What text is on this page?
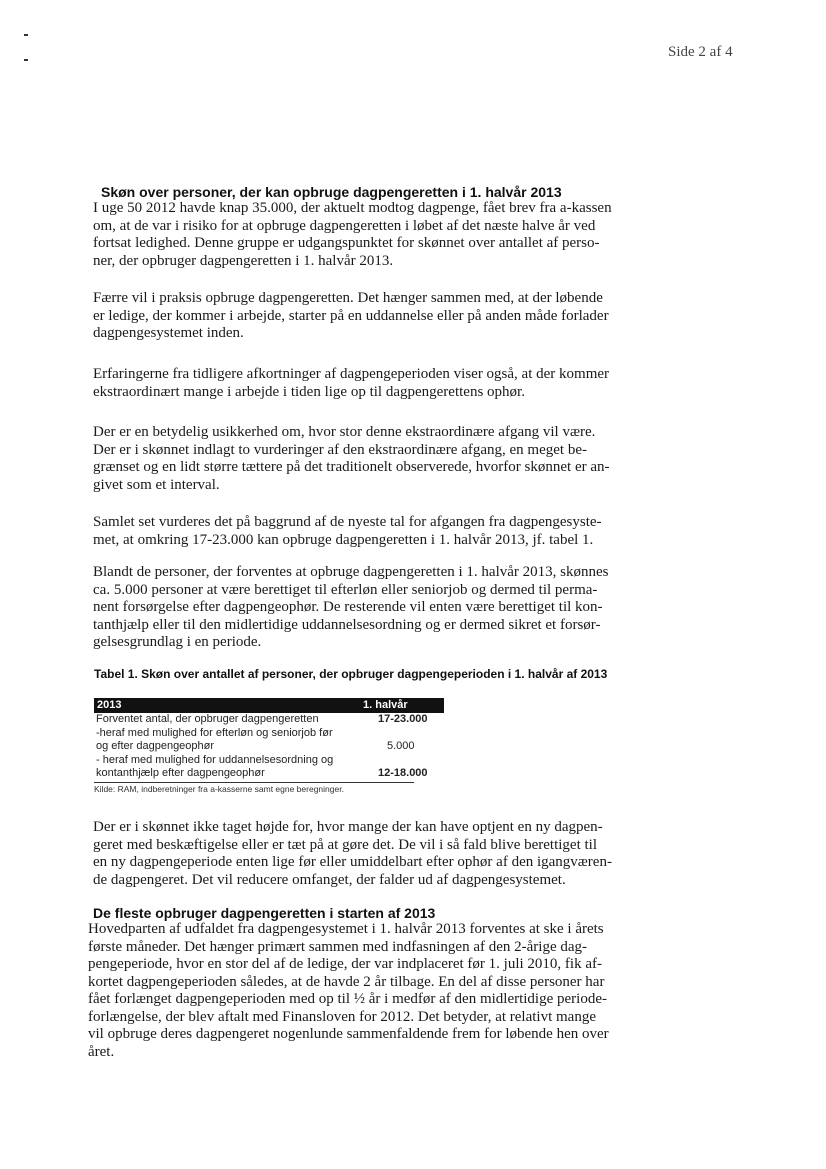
Side 2 af 4
Skøn over personer, der kan opbruge dagpengeretten i 1. halvår 2013
I uge 50 2012 havde knap 35.000, der aktuelt modtog dagpenge, fået brev fra a-kassen
om, at de var i risiko for at opbruge dagpengeretten i løbet af det næste halve år ved
fortsat ledighed. Denne gruppe er udgangspunktet for skønnet over antallet af perso-
ner, der opbruger dagpengeretten i 1. halvår 2013.
Færre vil i praksis opbruge dagpengeretten. Det hænger sammen med, at der løbende
er ledige, der kommer i arbejde, starter på en uddannelse eller på anden måde forlader
dagpengesystemet inden.
Erfaringerne fra tidligere afkortninger af dagpengeperioden viser også, at der kommer
ekstraordinært mange i arbejde i tiden lige op til dagpengerettens ophør.
Der er en betydelig usikkerhed om, hvor stor denne ekstraordinære afgang vil være.
Der er i skønnet indlagt to vurderinger af den ekstraordinære afgang, en meget be-
grænset og en lidt større tættere på det traditionelt observerede, hvorfor skønnet er an-
givet som et interval.
Samlet set vurderes det på baggrund af de nyeste tal for afgangen fra dagpengesyste-
met, at omkring 17-23.000 kan opbruge dagpengeretten i 1. halvår 2013, jf. tabel 1.
Blandt de personer, der forventes at opbruge dagpengeretten i 1. halvår 2013, skønnes
ca. 5.000 personer at være berettiget til efterløn eller seniorjob og dermed til perma-
nent forsørgelse efter dagpengeophør. De resterende vil enten være berettiget til kon-
tanthjælp eller til den midlertidige uddannelsesordning og er dermed sikret et forsør-
gelsesgrundlag i en periode.
Tabel 1. Skøn over antallet af personer, der opbruger dagpengeperioden i 1. halvår af 2013
2013	1. halvår
Forventet antal, der opbruger dagpengeretten	17-23.000
-heraf med mulighed for efterløn og seniorjob før
og efter dagpengeophør	5.000
- heraf med mulighed for uddannelsesordning og
kontanthjælp efter dagpengeophør	12-18.000
Kilde: RAM, indberetninger fra a-kasserne samt egne beregninger.
Der er i skønnet ikke taget højde for, hvor mange der kan have optjent en ny dagpen-
geret med beskæftigelse eller er tæt på at gøre det. De vil i så fald blive berettiget til
en ny dagpengeperiode enten lige før eller umiddelbart efter ophør af den igangværen-
de dagpengeret. Det vil reducere omfanget, der falder ud af dagpengesystemet.
De fleste opbruger dagpengeretten i starten af 2013
Hovedparten af udfaldet fra dagpengesystemet i 1. halvår 2013 forventes at ske i årets
første måneder. Det hænger primært sammen med indfasningen af den 2-årige dag-
pengeperiode, hvor en stor del af de ledige, der var indplaceret før 1. juli 2010, fik af-
kortet dagpengeperioden således, at de havde 2 år tilbage. En del af disse personer har
fået forlænget dagpengeperioden med op til ½ år i medfør af den midlertidige periode-
forlængelse, der blev aftalt med Finansloven for 2012. Det betyder, at relativt mange
vil opbruge deres dagpengeret nogenlunde sammenfaldende frem for løbende hen over
året.
